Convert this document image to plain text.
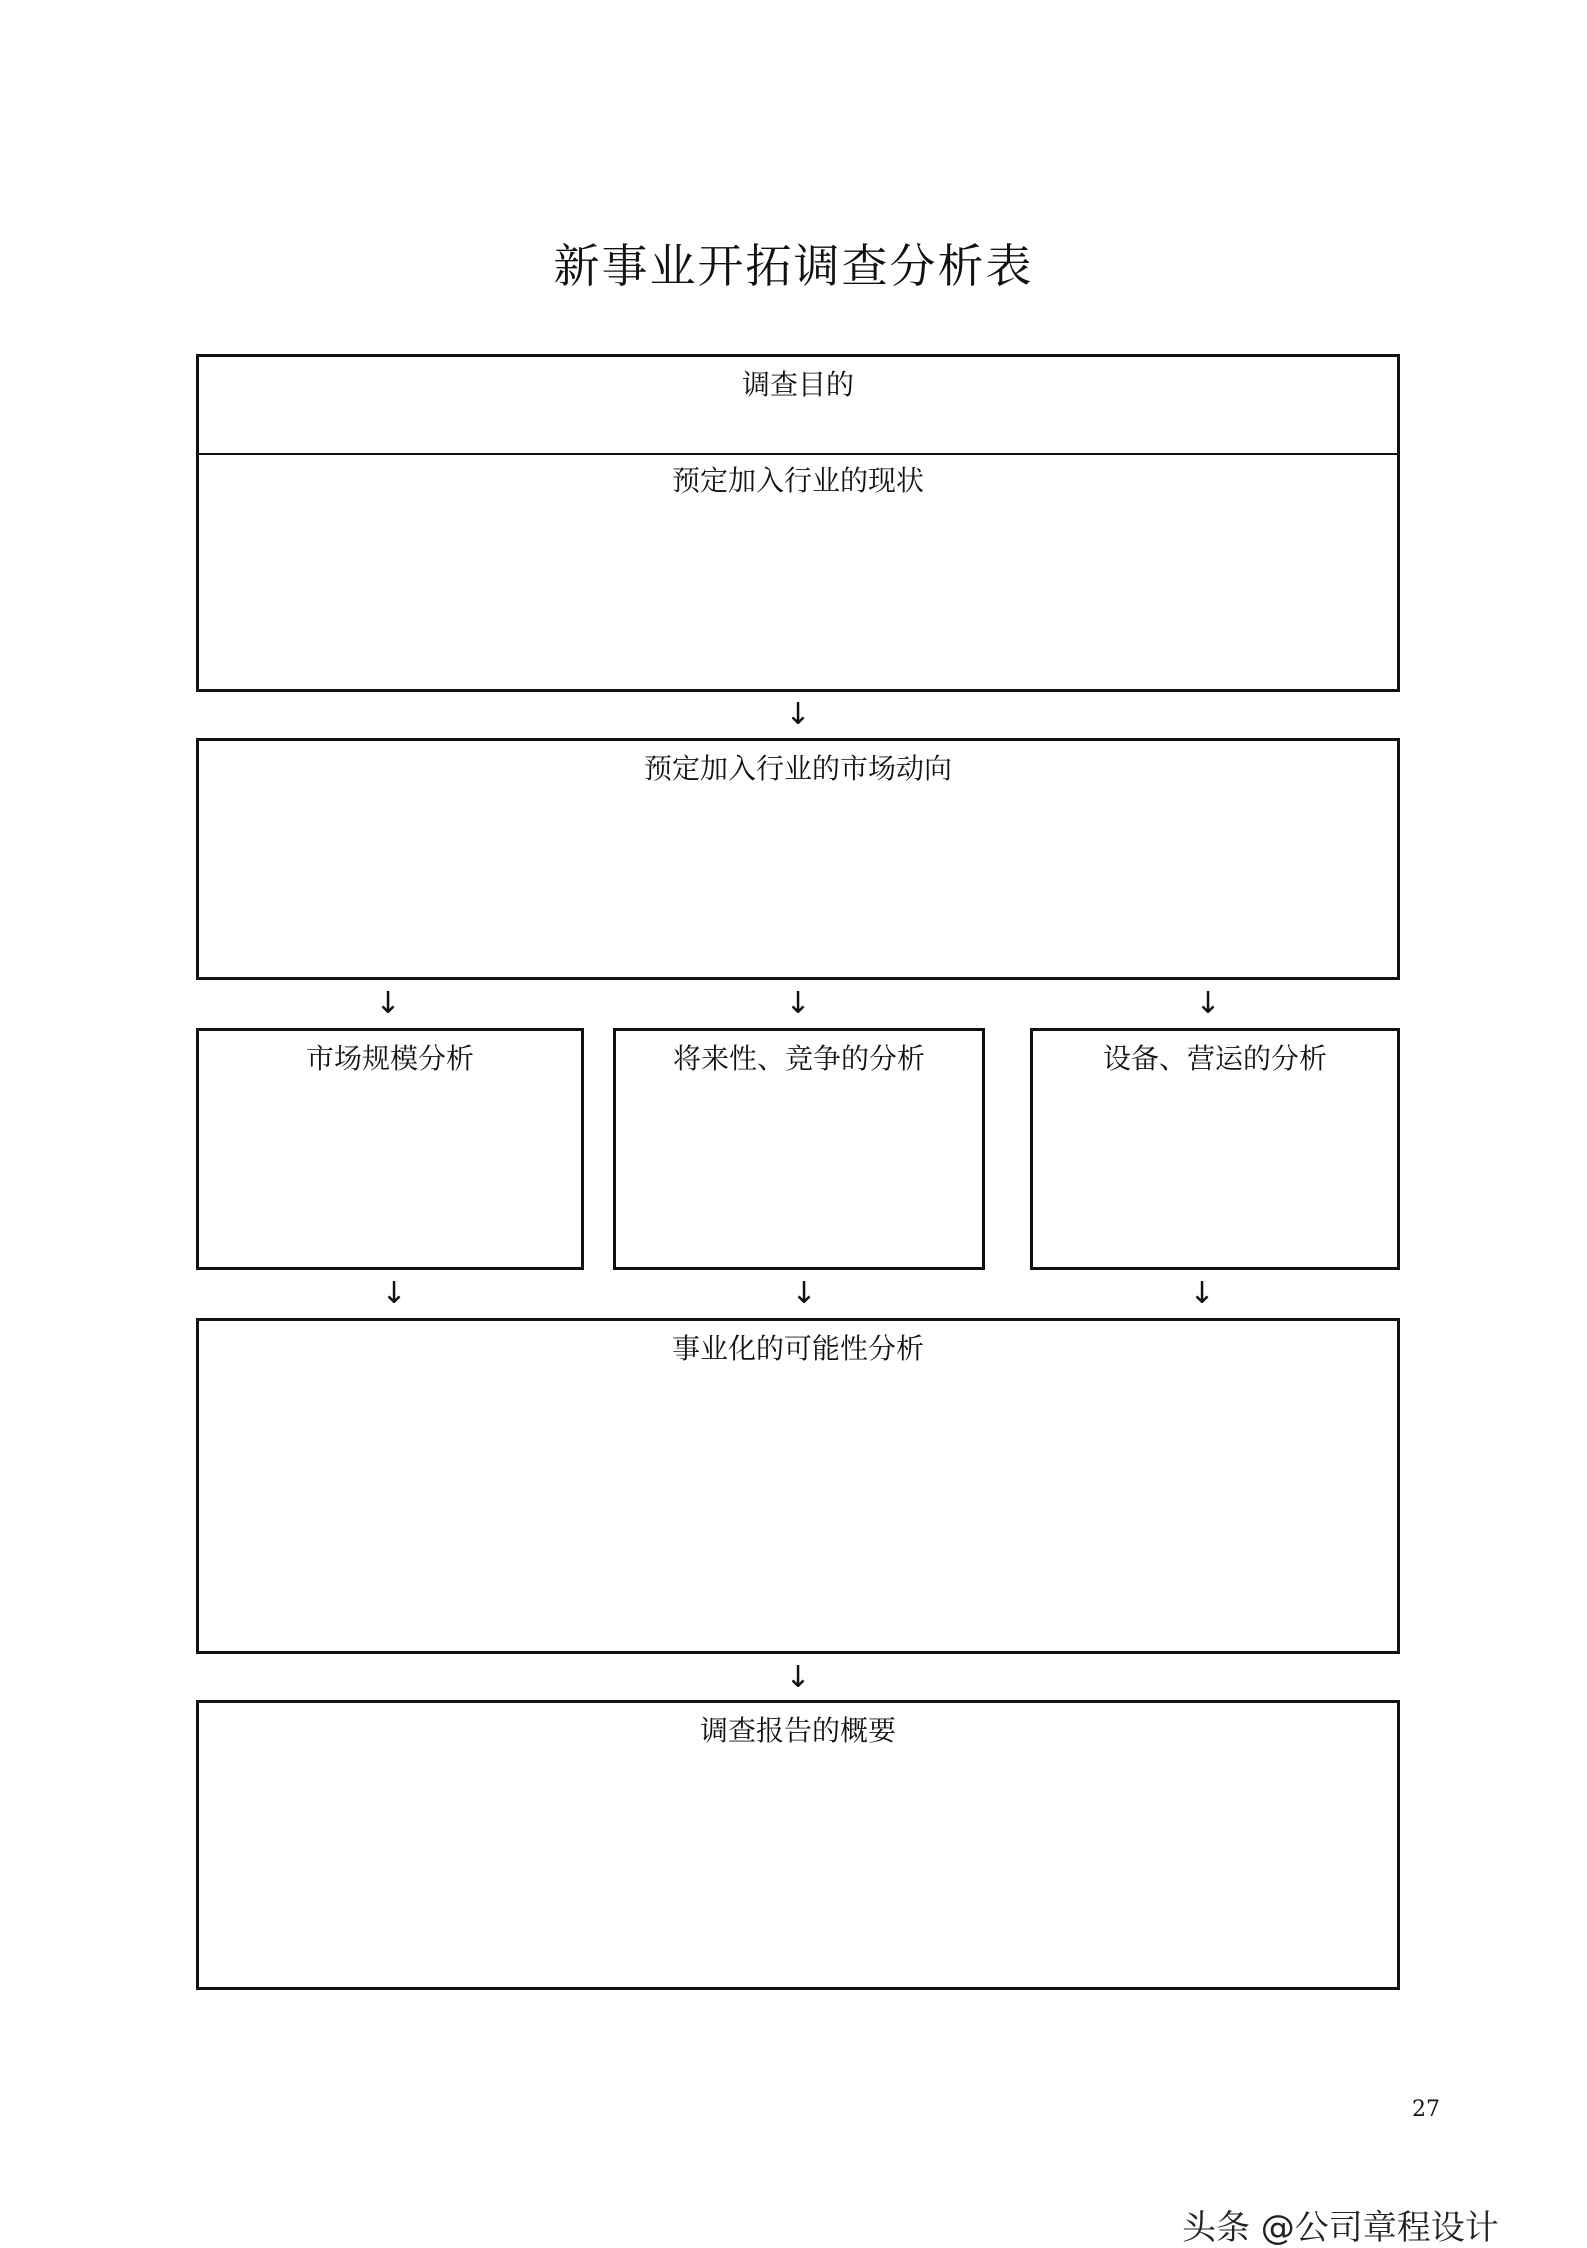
新事业开拓调查分析表
调查目的
预定加入行业的现状
↓
预定加入行业的市场动向
↓	↓	↓
市场规模分析	将来性、竞争的分析	设备、营运的分析
↓	↓	↓
事业化的可能性分析
↓
调查报告的概要
27
头条 @公司章程设计
